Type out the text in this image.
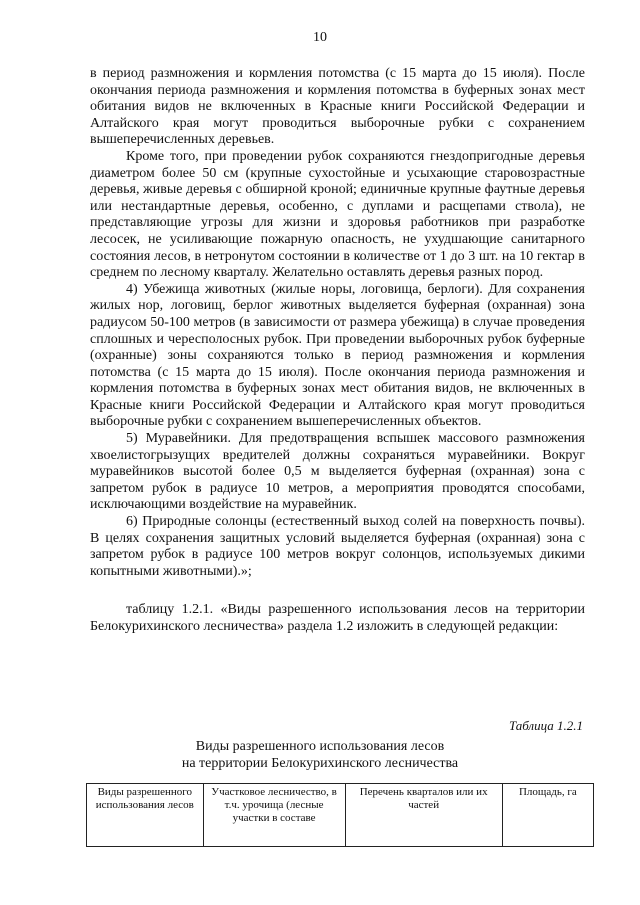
10

в период размножения и кормления потомства (с 15 марта до 15 июля). После окончания периода размножения и кормления потомства в буферных зонах мест обитания видов не включенных в Красные книги Российской Федерации и Алтайского края могут проводиться выборочные рубки с сохранением вышеперечисленных деревьев.

Кроме того, при проведении рубок сохраняются гнездопригодные деревья диаметром более 50 см (крупные сухостойные и усыхающие старовозрастные деревья, живые деревья с обширной кроной; единичные крупные фаутные деревья или нестандартные деревья, особенно, с дуплами и расщепами ствола), не представляющие угрозы для жизни и здоровья работников при разработке лесосек, не усиливающие пожарную опасность, не ухудшающие санитарного состояния лесов, в нетронутом состоянии в количестве от 1 до 3 шт. на 10 гектар в среднем по лесному кварталу. Желательно оставлять деревья разных пород.

4) Убежища животных (жилые норы, логовища, берлоги). Для сохранения жилых нор, логовищ, берлог животных выделяется буферная (охранная) зона радиусом 50-100 метров (в зависимости от размера убежища) в случае проведения сплошных и чересполосных рубок. При проведении выборочных рубок буферные (охранные) зоны сохраняются только в период размножения и кормления потомства (с 15 марта до 15 июля). После окончания периода размножения и кормления потомства в буферных зонах мест обитания видов, не включенных в Красные книги Российской Федерации и Алтайского края могут проводиться выборочные рубки с сохранением вышеперечисленных объектов.

5) Муравейники. Для предотвращения вспышек массового размножения хвоелистогрызущих вредителей должны сохраняться муравейники. Вокруг муравейников высотой более 0,5 м выделяется буферная (охранная) зона с запретом рубок в радиусе 10 метров, а мероприятия проводятся способами, исключающими воздействие на муравейник.

6) Природные солонцы (естественный выход солей на поверхность почвы). В целях сохранения защитных условий выделяется буферная (охранная) зона с запретом рубок в радиусе 100 метров вокруг солонцов, используемых дикими копытными животными).»;

таблицу 1.2.1. «Виды разрешенного использования лесов на территории Белокурихинского лесничества» раздела 1.2 изложить в следующей редакции:

Таблица 1.2.1
Виды разрешенного использования лесов
на территории Белокурихинского лесничества
Виды разрешенного использования лесов	Участковое лесничество, в т.ч. урочища (лесные участки в составе	Перечень кварталов или их частей	Площадь, га
